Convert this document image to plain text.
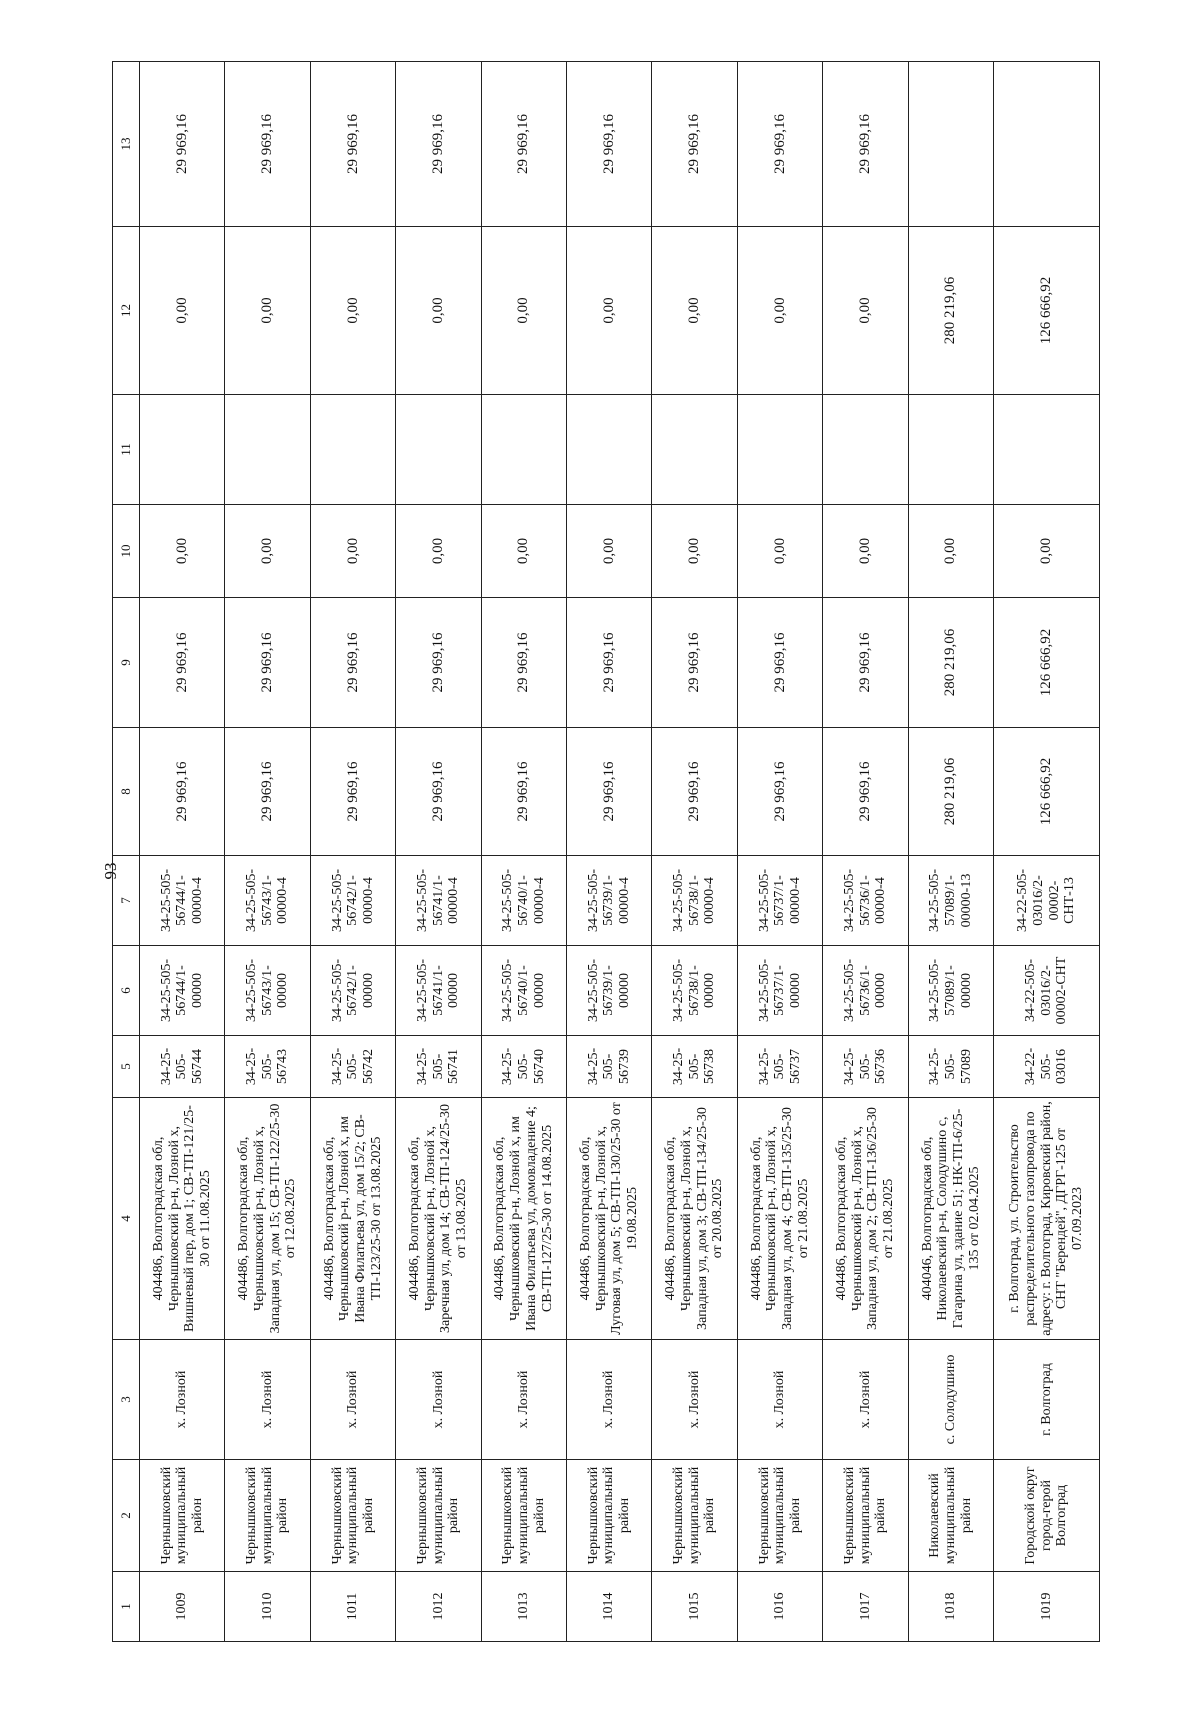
93
1	2	3	4	5	6	7	8	9	10	11	12	13
1009	Чернышковский муниципальный район	х. Лозной	404486, Волгоградская обл, Чернышковский р-н, Лозной х, Вишневый пер, дом 1; СВ-ТП-121/25-30 от 11.08.2025	34-25-505-56744	34-25-505-56744/1-00000	34-25-505-56744/1-00000-4	29 969,16	29 969,16	0,00		0,00	29 969,16
1010	Чернышковский муниципальный район	х. Лозной	404486, Волгоградская обл, Чернышковский р-н, Лозной х, Западная ул, дом 15; СВ-ТП-122/25-30 от 12.08.2025	34-25-505-56743	34-25-505-56743/1-00000	34-25-505-56743/1-00000-4	29 969,16	29 969,16	0,00		0,00	29 969,16
1011	Чернышковский муниципальный район	х. Лозной	404486, Волгоградская обл, Чернышковский р-н, Лозной х, им Ивана Филатьева ул, дом 15/2; СВ-ТП-123/25-30 от 13.08.2025	34-25-505-56742	34-25-505-56742/1-00000	34-25-505-56742/1-00000-4	29 969,16	29 969,16	0,00		0,00	29 969,16
1012	Чернышковский муниципальный район	х. Лозной	404486, Волгоградская обл, Чернышковский р-н, Лозной х, Заречная ул, дом 14; СВ-ТП-124/25-30 от 13.08.2025	34-25-505-56741	34-25-505-56741/1-00000	34-25-505-56741/1-00000-4	29 969,16	29 969,16	0,00		0,00	29 969,16
1013	Чернышковский муниципальный район	х. Лозной	404486, Волгоградская обл, Чернышковский р-н, Лозной х, им Ивана Филатьева ул, домовладение 4; СВ-ТП-127/25-30 от 14.08.2025	34-25-505-56740	34-25-505-56740/1-00000	34-25-505-56740/1-00000-4	29 969,16	29 969,16	0,00		0,00	29 969,16
1014	Чернышковский муниципальный район	х. Лозной	404486, Волгоградская обл, Чернышковский р-н, Лозной х, Луговая ул, дом 5; СВ-ТП-130/25-30 от 19.08.2025	34-25-505-56739	34-25-505-56739/1-00000	34-25-505-56739/1-00000-4	29 969,16	29 969,16	0,00		0,00	29 969,16
1015	Чернышковский муниципальный район	х. Лозной	404486, Волгоградская обл, Чернышковский р-н, Лозной х, Западная ул, дом 3; СВ-ТП-134/25-30 от 20.08.2025	34-25-505-56738	34-25-505-56738/1-00000	34-25-505-56738/1-00000-4	29 969,16	29 969,16	0,00		0,00	29 969,16
1016	Чернышковский муниципальный район	х. Лозной	404486, Волгоградская обл, Чернышковский р-н, Лозной х, Западная ул, дом 4; СВ-ТП-135/25-30 от 21.08.2025	34-25-505-56737	34-25-505-56737/1-00000	34-25-505-56737/1-00000-4	29 969,16	29 969,16	0,00		0,00	29 969,16
1017	Чернышковский муниципальный район	х. Лозной	404486, Волгоградская обл, Чернышковский р-н, Лозной х, Западная ул, дом 2; СВ-ТП-136/25-30 от 21.08.2025	34-25-505-56736	34-25-505-56736/1-00000	34-25-505-56736/1-00000-4	29 969,16	29 969,16	0,00		0,00	29 969,16
1018	Николаевский муниципальный район	с. Солодушино	404046, Волгоградская обл, Николаевский р-н, Солодушино с, Гагарина ул, здание 51; НК-ТП-6/25-135 от 02.04.2025	34-25-505-57089	34-25-505-57089/1-00000	34-25-505-57089/1-00000-13	280 219,06	280 219,06	0,00		280 219,06	
1019	Городской округ город-герой Волгоград	г. Волгоград	г. Волгоград, ул. Строительство распределительного газопровода по адресу: г. Волгоград, Кировский район, СНТ "Берендей", ДГРГ-125 от 07.09.2023	34-22-505-03016	34-22-505-03016/2-00002-СНТ	34-22-505-03016/2-00002-СНТ-13	126 666,92	126 666,92	0,00		126 666,92	
